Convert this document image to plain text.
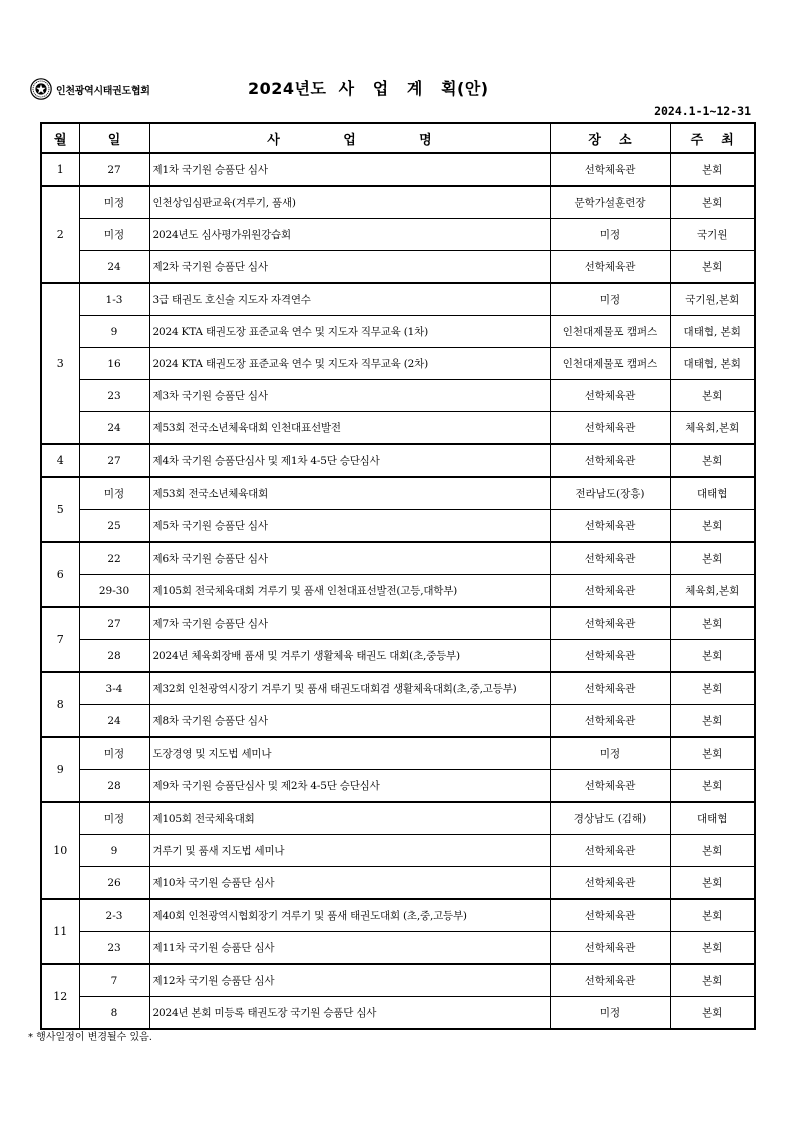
인천광역시태권도협회	2024년도  사   업   계   획(안)
2024.1-1~12-31
월	일	사              업              명	장    소	주    최
1	27	제1차 국기원 승품단 심사	선학체육관	본회
2	미정	인천상임심판교육(겨루기, 품새)	문학가설훈련장	본회
	미정	2024년도 심사평가위원강습회	미정	국기원
	24	제2차 국기원 승품단 심사	선학체육관	본회
3	1-3	3급 태권도 호신술 지도자 자격연수	미정	국기원,본회
	9	2024 KTA 태권도장 표준교육 연수 및 지도자 직무교육 (1차)	인천대제물포 캠퍼스	대태협, 본회
	16	2024 KTA 태권도장 표준교육 연수 및 지도자 직무교육 (2차)	인천대제물포 캠퍼스	대태협, 본회
	23	제3차 국기원 승품단 심사	선학체육관	본회
	24	제53회 전국소년체육대회 인천대표선발전	선학체육관	체육회,본회
4	27	제4차 국기원 승품단심사 및 제1차 4-5단 승단심사	선학체육관	본회
5	미정	제53회 전국소년체육대회	전라남도(장흥)	대태협
	25	제5차 국기원 승품단 심사	선학체육관	본회
6	22	제6차 국기원 승품단 심사	선학체육관	본회
	29-30	제105회 전국체육대회 겨루기 및 품새 인천대표선발전(고등,대학부)	선학체육관	체육회,본회
7	27	제7차 국기원 승품단 심사	선학체육관	본회
	28	2024년 체육회장배 품새 및 겨루기 생활체육 태권도 대회(초,중등부)	선학체육관	본회
8	3-4	제32회 인천광역시장기 겨루기 및 품새 태권도대회겸 생활체육대회(초,중,고등부)	선학체육관	본회
	24	제8차 국기원 승품단 심사	선학체육관	본회
9	미정	도장경영 및 지도법 세미나	미정	본회
	28	제9차 국기원 승품단심사 및 제2차 4-5단 승단심사	선학체육관	본회
10	미정	제105회 전국체육대회	경상남도 (김해)	대태협
	9	겨루기 및 품새 지도법 세미나	선학체육관	본회
	26	제10차 국기원 승품단 심사	선학체육관	본회
11	2-3	제40회 인천광역시협회장기 겨루기 및 품새 태권도대회 (초,중,고등부)	선학체육관	본회
	23	제11차 국기원 승품단 심사	선학체육관	본회
12	7	제12차 국기원 승품단 심사	선학체육관	본회
	8	2024년 본회 미등록 태권도장 국기원 승품단 심사	미정	본회
* 행사일정이 변경될수 있음.
